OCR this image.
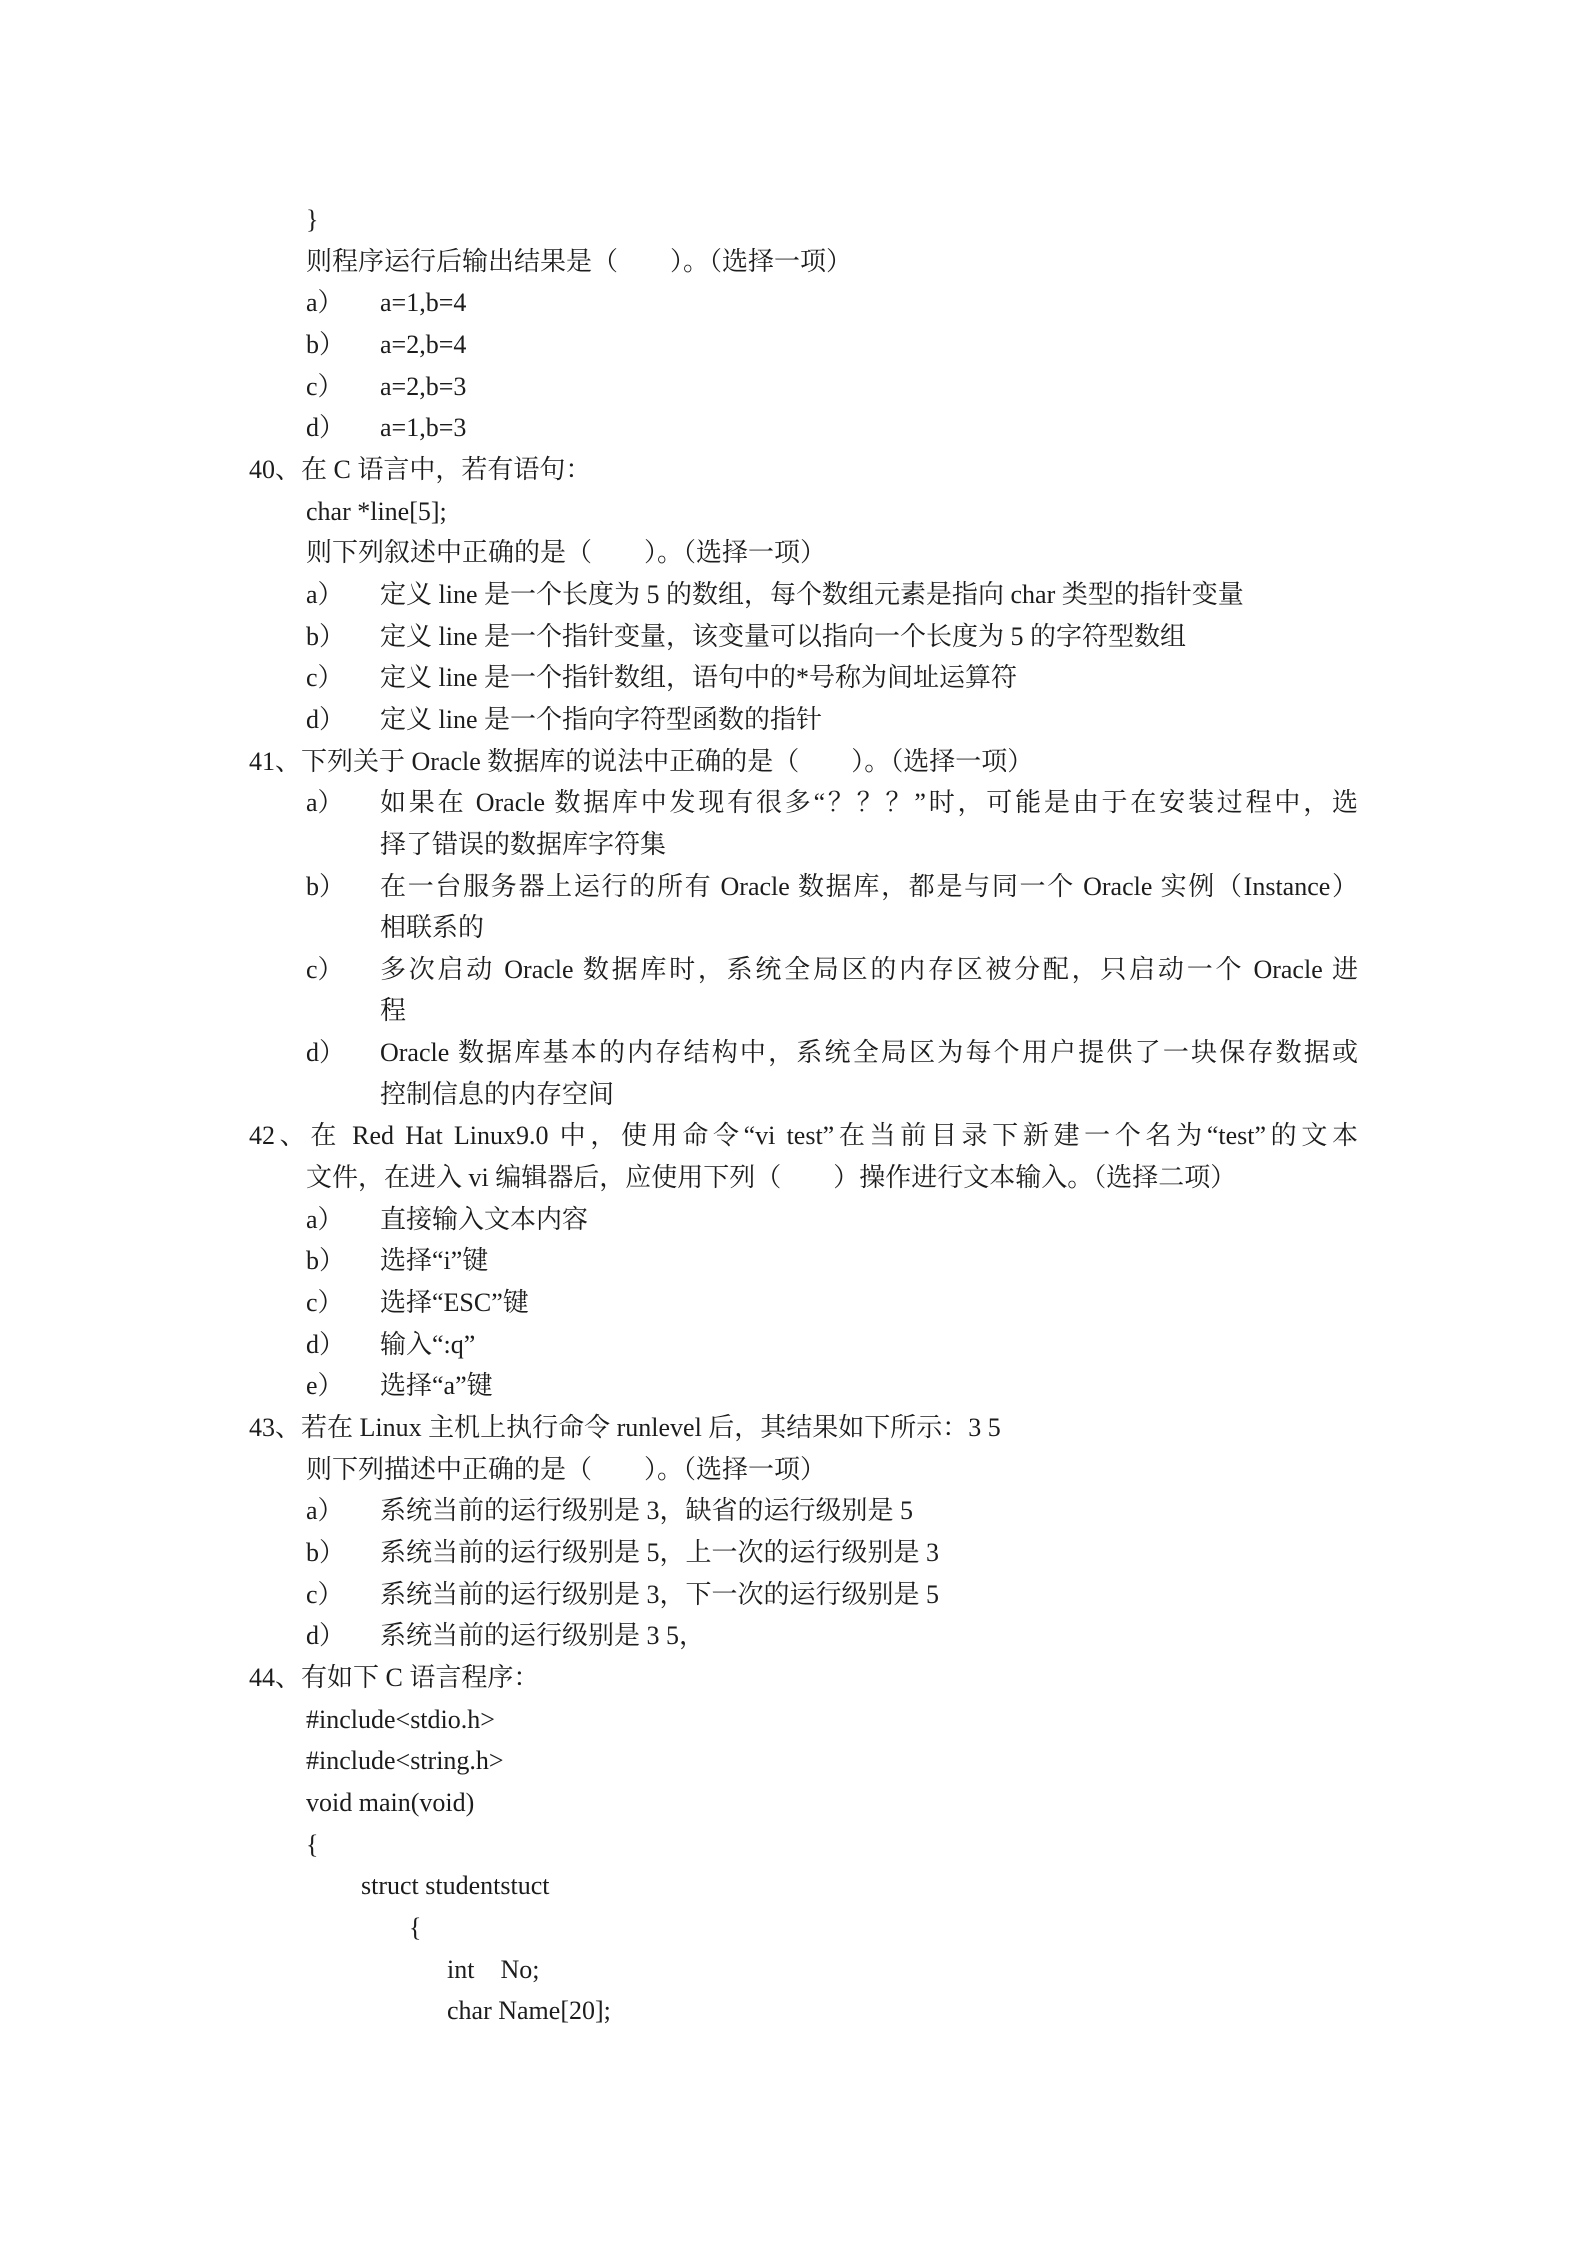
}
则程序运行后输出结果是（　　）。（选择一项）
a） a=1,b=4
b） a=2,b=4
c） a=2,b=3
d） a=1,b=3
40、在 C 语言中，若有语句：
char *line[5];
则下列叙述中正确的是（　　）。（选择一项）
a） 定义 line 是一个长度为 5 的数组，每个数组元素是指向 char 类型的指针变量
b） 定义 line 是一个指针变量，该变量可以指向一个长度为 5 的字符型数组
c） 定义 line 是一个指针数组，语句中的*号称为间址运算符
d） 定义 line 是一个指向字符型函数的指针
41、下列关于 Oracle 数据库的说法中正确的是（　　）。（选择一项）
a） 如果在 Oracle 数据库中发现有很多“？？？”时，可能是由于在安装过程中，选
择了错误的数据库字符集
b） 在一台服务器上运行的所有 Oracle 数据库，都是与同一个 Oracle 实例（Instance）
相联系的
c） 多次启动 Oracle 数据库时，系统全局区的内存区被分配，只启动一个 Oracle 进
程
d） Oracle 数据库基本的内存结构中，系统全局区为每个用户提供了一块保存数据或
控制信息的内存空间
42、在 Red Hat Linux9.0 中，使用命令“vi test”在当前目录下新建一个名为“test”的文本
文件，在进入 vi 编辑器后，应使用下列（　　）操作进行文本输入。（选择二项）
a） 直接输入文本内容
b） 选择“i”键
c） 选择“ESC”键
d） 输入“:q”
e） 选择“a”键
43、若在 Linux 主机上执行命令 runlevel 后，其结果如下所示：3 5
则下列描述中正确的是（　　）。（选择一项）
a） 系统当前的运行级别是 3，缺省的运行级别是 5
b） 系统当前的运行级别是 5，上一次的运行级别是 3
c） 系统当前的运行级别是 3，下一次的运行级别是 5
d） 系统当前的运行级别是 3 5，
44、有如下 C 语言程序：
#include<stdio.h>
#include<string.h>
void main(void)
{
struct studentstuct
{
int    No;
char Name[20];
